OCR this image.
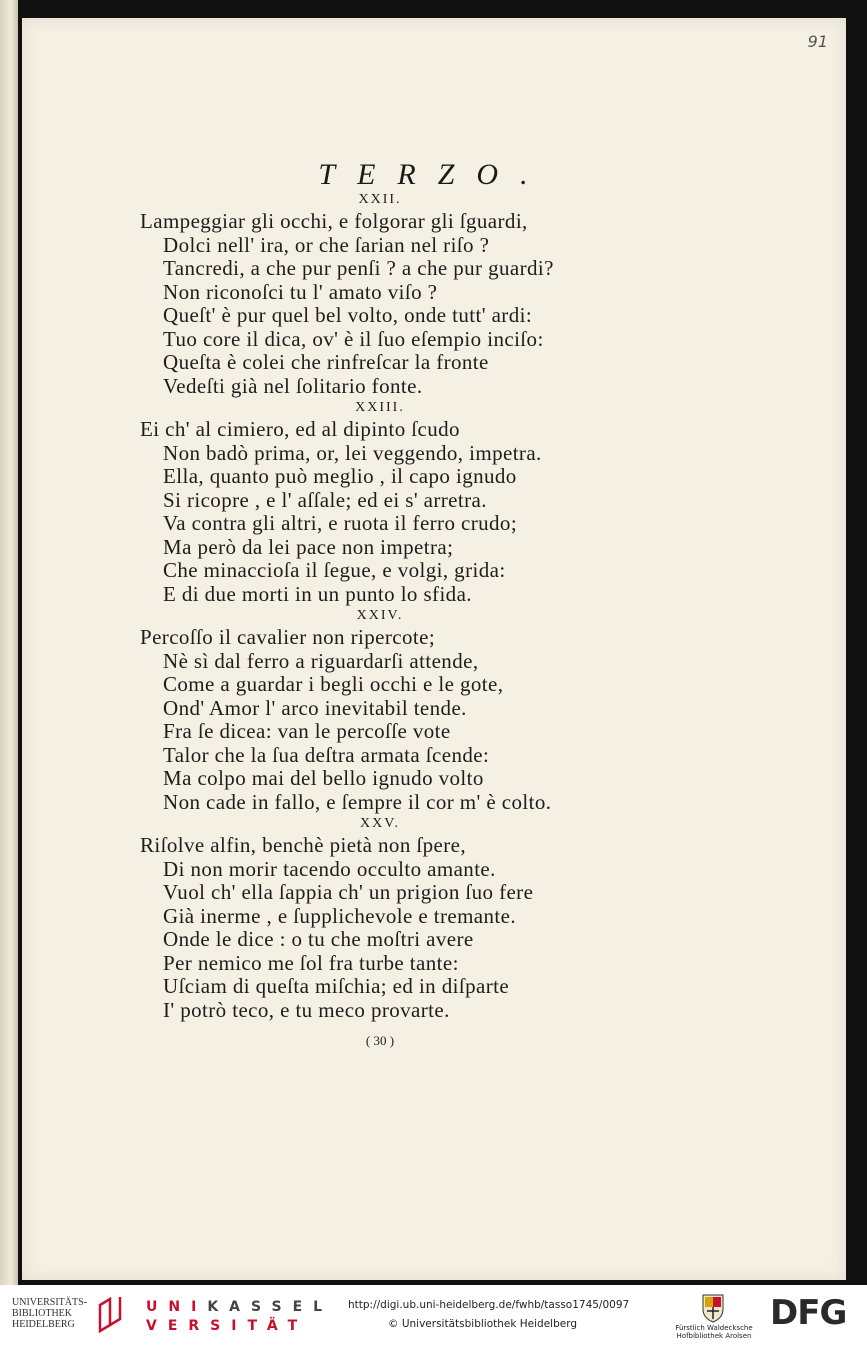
91
TERZO.
XXII.
Lampeggiar gli occhi, e folgorar gli ſguardi,
Dolci nell' ira, or che ſarian nel riſo ?
Tancredi, a che pur penſi ? a che pur guardi?
Non riconoſci tu l' amato viſo ?
Queſt' è pur quel bel volto, onde tutt' ardi:
Tuo core il dica, ov' è il ſuo eſempio inciſo:
Queſta è colei che rinfreſcar la fronte
Vedeſti già nel ſolitario fonte.
XXIII.
Ei ch' al cimiero, ed al dipinto ſcudo
Non badò prima, or, lei veggendo, impetra.
Ella, quanto può meglio , il capo ignudo
Si ricopre , e l' aſſale; ed ei s' arretra.
Va contra gli altri, e ruota il ferro crudo;
Ma però da lei pace non impetra;
Che minaccioſa il ſegue, e volgi, grida:
E di due morti in un punto lo sfida.
XXIV.
Percoſſo il cavalier non ripercote;
Nè sì dal ferro a riguardarſi attende,
Come a guardar i begli occhi e le gote,
Ond' Amor l' arco inevitabil tende.
Fra ſe dicea: van le percoſſe vote
Talor che la ſua deſtra armata ſcende:
Ma colpo mai del bello ignudo volto
Non cade in fallo, e ſempre il cor m' è colto.
XXV.
Riſolve alfin, benchè pietà non ſpere,
Di non morir tacendo occulto amante.
Vuol ch' ella ſappia ch' un prigion ſuo fere
Già inerme , e ſupplichevole e tremante.
Onde le dice : o tu che moſtri avere
Per nemico me ſol fra turbe tante:
Uſciam di queſta miſchia; ed in diſparte
I' potrò teco, e tu meco provarte.
( 30 )
UNIVERSITÄTS-
BIBLIOTHEK
HEIDELBERG
UNIKASSEL
VERSITÄT
http://digi.ub.uni-heidelberg.de/fwhb/tasso1745/0097
© Universitätsbibliothek Heidelberg	Fürstlich Waldecksche
Hofbibliothek Arolsen
DFG
